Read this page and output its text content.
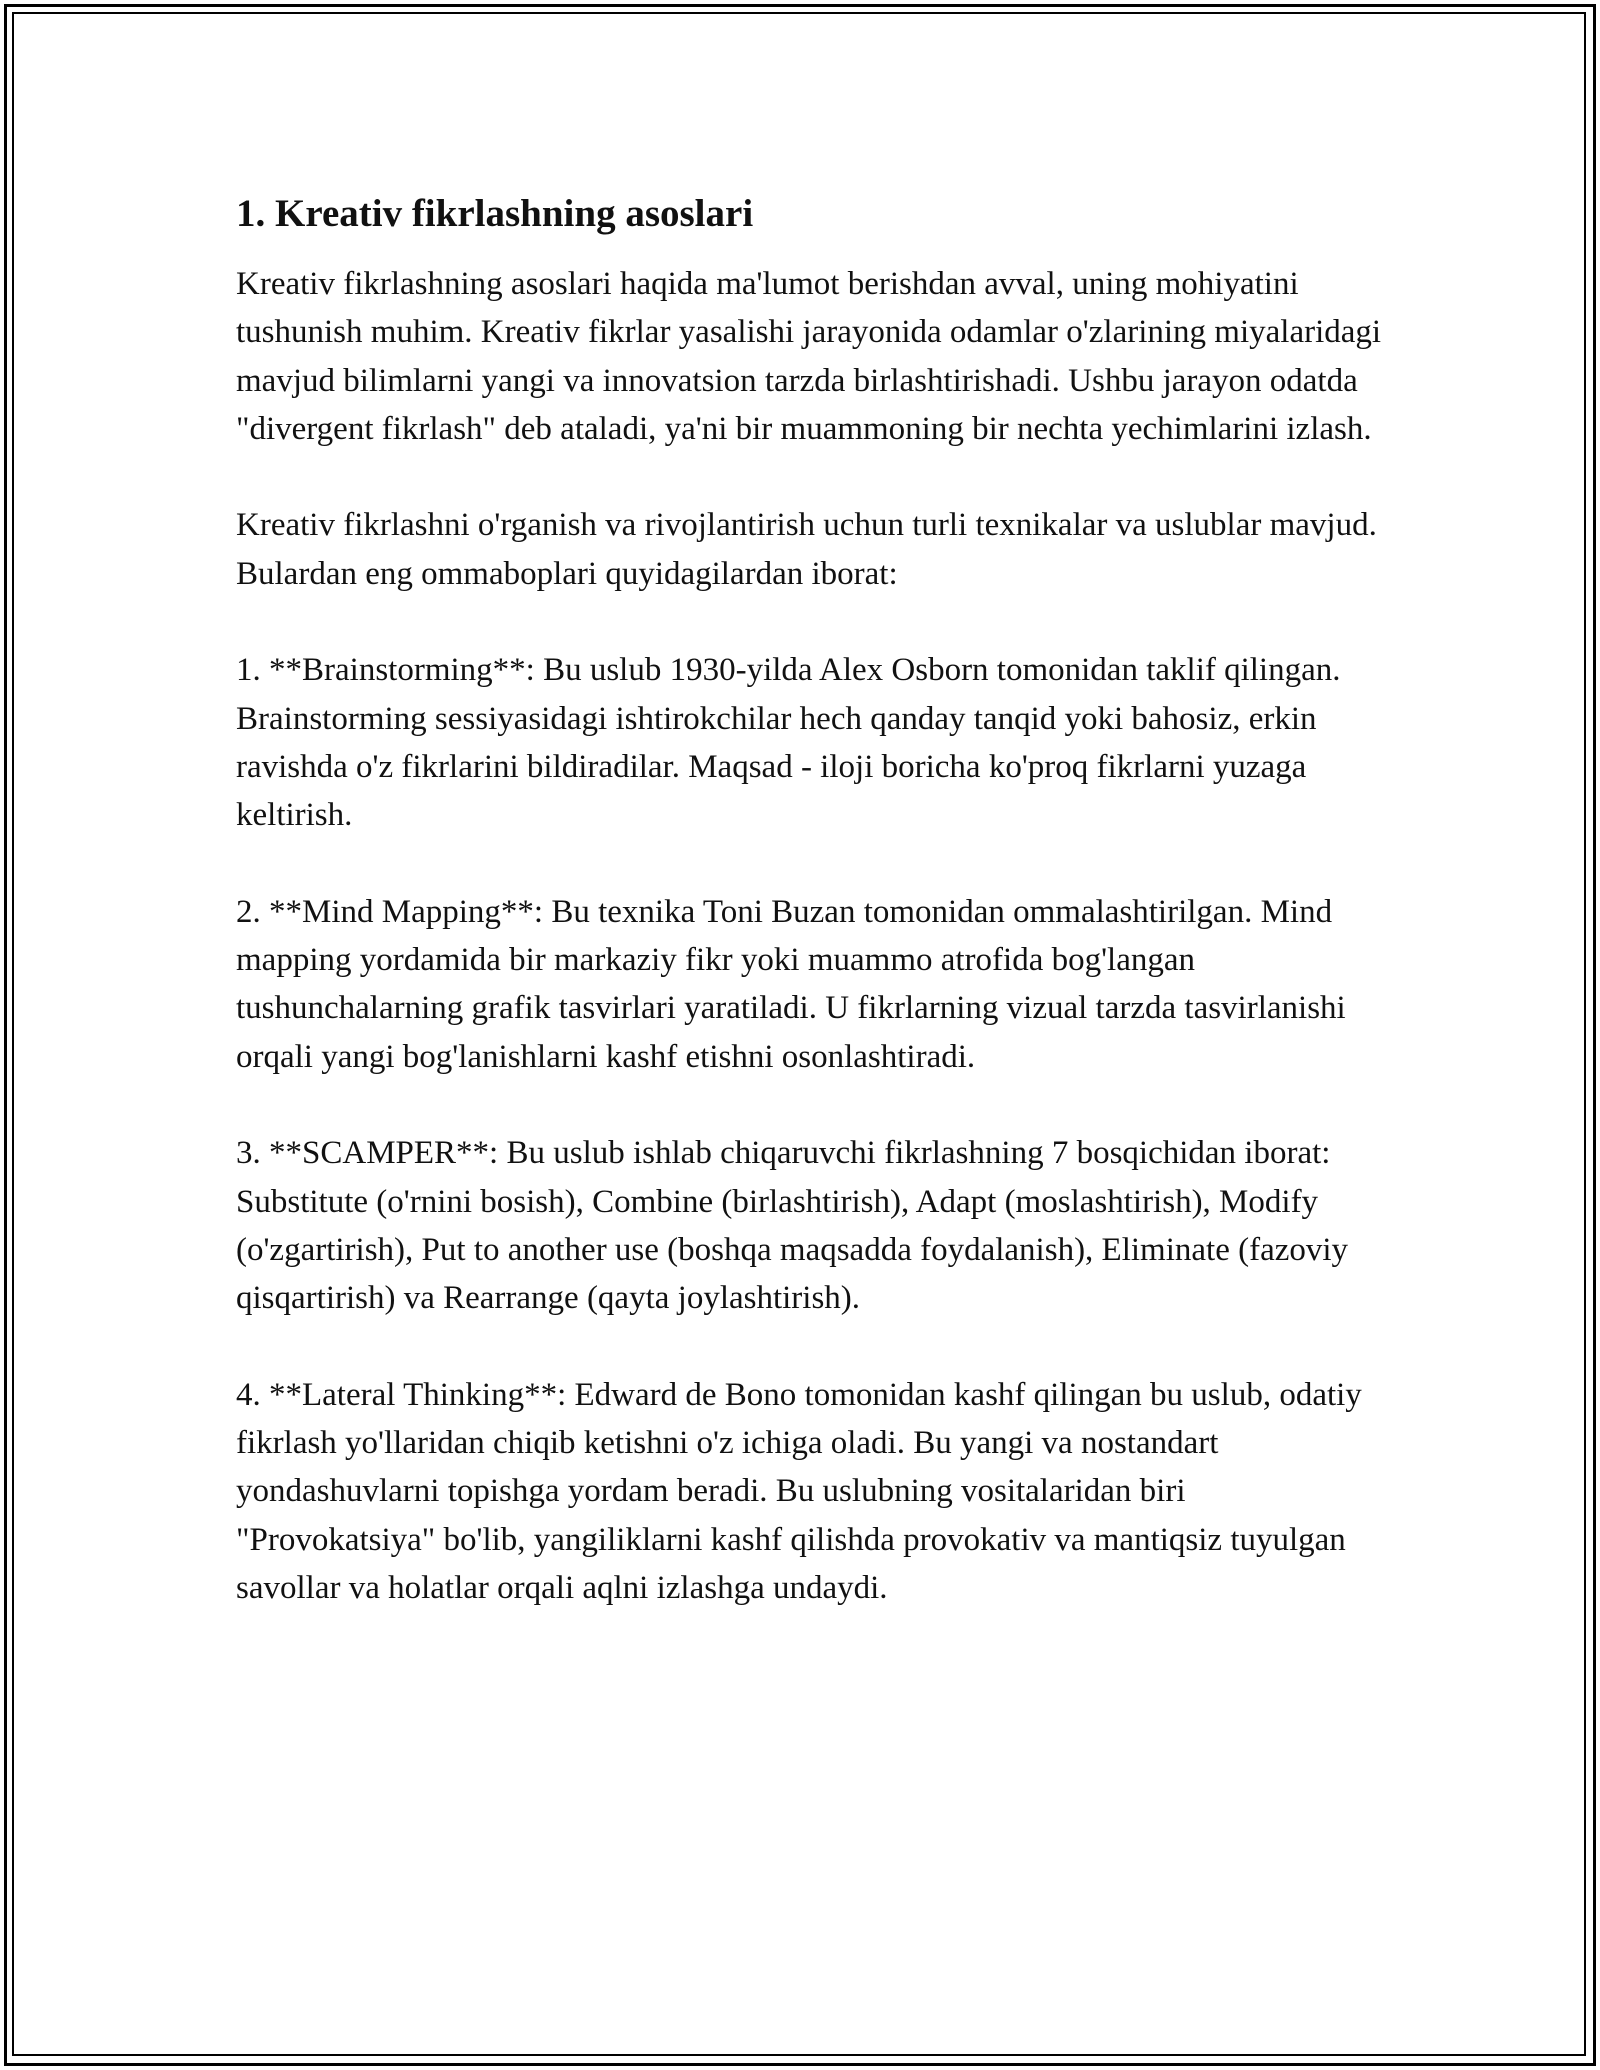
1. Kreativ fikrlashning asoslari

Kreativ fikrlashning asoslari haqida ma'lumot berishdan avval, uning mohiyatini tushunish muhim. Kreativ fikrlar yasalishi jarayonida odamlar o'zlarining miyalaridagi mavjud bilimlarni yangi va innovatsion tarzda birlashtirishadi. Ushbu jarayon odatda "divergent fikrlash" deb ataladi, ya'ni bir muammoning bir nechta yechimlarini izlash.

Kreativ fikrlashni o'rganish va rivojlantirish uchun turli texnikalar va uslublar mavjud. Bulardan eng ommaboplari quyidagilardan iborat:

1. **Brainstorming**: Bu uslub 1930-yilda Alex Osborn tomonidan taklif qilingan. Brainstorming sessiyasidagi ishtirokchilar hech qanday tanqid yoki bahosiz, erkin ravishda o'z fikrlarini bildiradilar. Maqsad - iloji boricha ko'proq fikrlarni yuzaga keltirish.

2. **Mind Mapping**: Bu texnika Toni Buzan tomonidan ommalashtirilgan. Mind mapping yordamida bir markaziy fikr yoki muammo atrofida bog'langan tushunchalarning grafik tasvirlari yaratiladi. U fikrlarning vizual tarzda tasvirlanishi orqali yangi bog'lanishlarni kashf etishni osonlashtiradi.

3. **SCAMPER**: Bu uslub ishlab chiqaruvchi fikrlashning 7 bosqichidan iborat: Substitute (o'rnini bosish), Combine (birlashtirish), Adapt (moslashtirish), Modify (o'zgartirish), Put to another use (boshqa maqsadda foydalanish), Eliminate (fazoviy qisqartirish) va Rearrange (qayta joylashtirish).

4. **Lateral Thinking**: Edward de Bono tomonidan kashf qilingan bu uslub, odatiy fikrlash yo'llaridan chiqib ketishni o'z ichiga oladi. Bu yangi va nostandart yondashuvlarni topishga yordam beradi. Bu uslubning vositalaridan biri "Provokatsiya" bo'lib, yangiliklarni kashf qilishda provokativ va mantiqsiz tuyulgan savollar va holatlar orqali aqlni izlashga undaydi.
